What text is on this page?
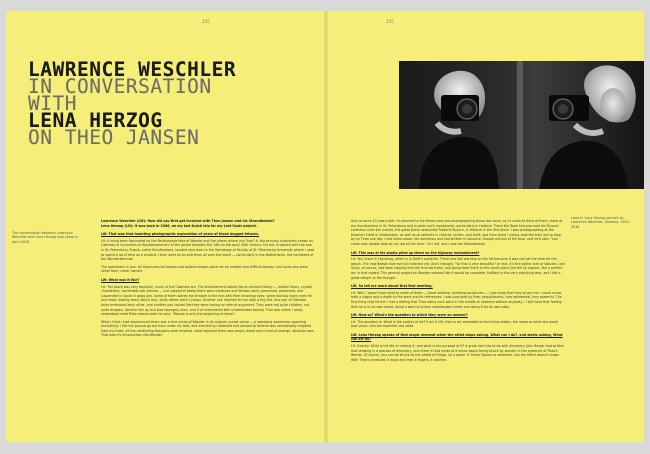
255	255
LAWRENCE WESCHLER
IN CONVERSATION
WITH
LENA HERZOG
ON THEO JANSEN
The conversation between Lawrence Weschler and Lena Herzog took place in April 2016.
Lena H. Lena Herzog portrait by Lawrence Weschler, Sonoma, 2015-2016
Lawrence Weschler (LW): How did you first get involved with Theo Jansen and his Strandbeests?
Lena Herzog (LH): It was back in 2006, on my last Dutch trip for my Lost Souls project.
LW: That was that haunting photographic exploration of years of those bagged fetuses.

LH: It bring been fascinated by the Renaissance idea of Wonder and the places where you "had" it: the princely collections known as Cabinets of Curiosities or Wunderkammern of the period between the 16th to the early 20th century. For me, it started with the one in St. Petersburg, Russia, called Kunstkamera, located next door to the Hermitage at Faculty of St. Petersburg University where I used to spend a lot of time as a student. I then went on to visit them all over the world — particularly in the Netherlands, the homeland of the Wunderkammer.

The specimens in jars. All those peculiar beasts and twisted shapes gave me an endless and difficult beauty. Lost souls who were never born, never named.

LW: What was it like?

LH: The place was very beautiful, much of the Cabinets are. The Kunstkamera looked like an ancient library — marble floors, crystal chandeliers, handmade oak shelves — but instead of books there were creatures and fetuses eerily preserved, preserved, and suspended in liquid in glass jars. Some of them stared me straight in the eye with their unseeing eyes; some had too many eyes for one head; looking every which way, while others were Cyclops. Another one reached for me with a tiny fist. One pair of Siamese twins embraced each other, and another pair looked like they were having an eternal argument. They were not quite children, not quite dragons, familiar like us, but also strangely alien, and it all shimmered with unbelievable beauty. That was where I really understood what Rilke meant when he said, "Beauty is only the beginning of terror".

What I think I had experienced there was a true sense of Wonder in its original, purest sense — a sweeping awareness spanning everything. I felt the ground go out from under my feet, and everything I believed and wanted to believe was immediately emptied from my head. All the comforting thoughts were emptied, what replaced them was simply dread and a kind of strange, absolute awe. That was my introduction into Wonder.

And so some 20 years later I'd returned to the theme and was photographing those lost souls, as I'd come to think of them, there at the Kunstkamera in St. Petersburg and in other such repositories, particularly in Holland. There the Rosti had procured the Ruysch collection from the master, the great Dutch anatomist Frederik Ruysch, in Holland in the first place. I was photographing at the Museum Vrolik in Amsterdam, as well as at cabinets in Utrecht, Leiden, and Delft, and from there I simply took the train out to drop by on Theo one day. I had heard about him somehow and had written in advance, though still out of the blue, and he'd said, "Just come over people drop by my lab all the time." So I did, and I saw the Strandbeests.

LW: This was at his studio piled up there on the highway embankment?

LH: Yes, there in Ypenburg, which is in Delft's outskirts. There was still working on the hill because it was not yet the time for the beach. The new Beests had not fully hatched yet. And I thought, "So this is very beautiful." In fact, it's the lighter side of Wonder. Lost Souls, of course, had been tapping into the true darkness, and going from there to this sunlit place just felt so organic, like a perfect arc in that regard. The general project on Wonder seemed like it would be complete, fulfilled in this very satisfying way, and I felt a great delight at the thought.

LW: So tell me more about that first meeting.

LH: Well, I wasn't sure what to make of them — these walking, tumbling sculptures — I just knew that they struck me. I could sense both a vague and a depth to the work and its references. I was surprised by their exquisiteness, how ephemeral, how powerful. The first thing that hit me: I had a feeling that Theo doing such work in the middle of nowhere without anybody... I still have that feeling that he is in his own world, doing a work of primal unbelievable intent and doing it for its own sake.

LW: How so? What's the question to which they were an answer?

LH: The question is: What is the project of art? If art is life, then is art embodied as the living matter, the same as when the world took place, into the essential raw state.

LW: Lena Herzog speaks of that magic moment when the artist stops asking, What can I do?, and starts asking, What can art do?

LH: Exactly. What is the life of making it, and what is the purpose of it? A great deal has to do with discovery. John Berger had written that drawing is a process of discovery, and there is that sense of a sense about being struck by wonder in the presence of Theo's Beests. Of course, you can be struck by the veiled of things, by a parlor in Times Square or whatever, but the effect doesn't linger. With Theo's creatures it stays and then it lingers, it catches.
